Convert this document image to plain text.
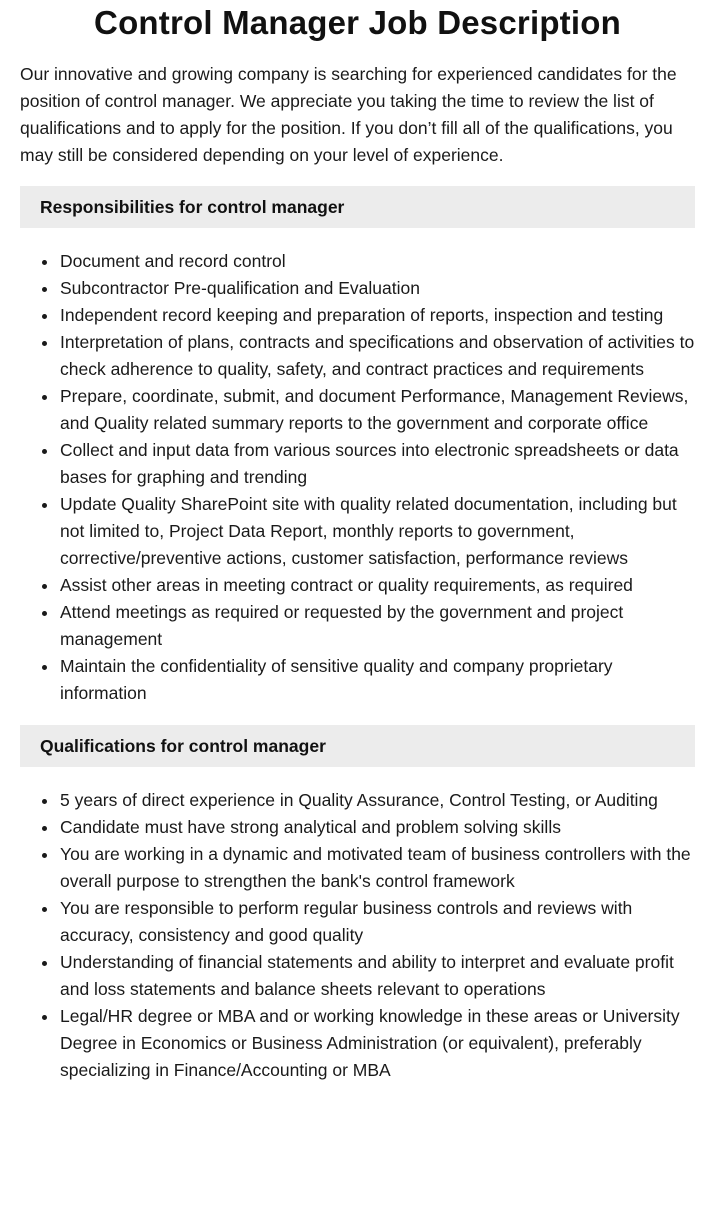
Control Manager Job Description

Our innovative and growing company is searching for experienced candidates for the position of control manager. We appreciate you taking the time to review the list of qualifications and to apply for the position. If you don’t fill all of the qualifications, you may still be considered depending on your level of experience.

Responsibilities for control manager
Document and record control
Subcontractor Pre-qualification and Evaluation
Independent record keeping and preparation of reports, inspection and testing
Interpretation of plans, contracts and specifications and observation of activities to check adherence to quality, safety, and contract practices and requirements
Prepare, coordinate, submit, and document Performance, Management Reviews, and Quality related summary reports to the government and corporate office
Collect and input data from various sources into electronic spreadsheets or data bases for graphing and trending
Update Quality SharePoint site with quality related documentation, including but not limited to, Project Data Report, monthly reports to government, corrective/preventive actions, customer satisfaction, performance reviews
Assist other areas in meeting contract or quality requirements, as required
Attend meetings as required or requested by the government and project management
Maintain the confidentiality of sensitive quality and company proprietary information
Qualifications for control manager
5 years of direct experience in Quality Assurance, Control Testing, or Auditing
Candidate must have strong analytical and problem solving skills
You are working in a dynamic and motivated team of business controllers with the overall purpose to strengthen the bank's control framework
You are responsible to perform regular business controls and reviews with accuracy, consistency and good quality
Understanding of financial statements and ability to interpret and evaluate profit and loss statements and balance sheets relevant to operations
Legal/HR degree or MBA and or working knowledge in these areas or University Degree in Economics or Business Administration (or equivalent), preferably specializing in Finance/Accounting or MBA
